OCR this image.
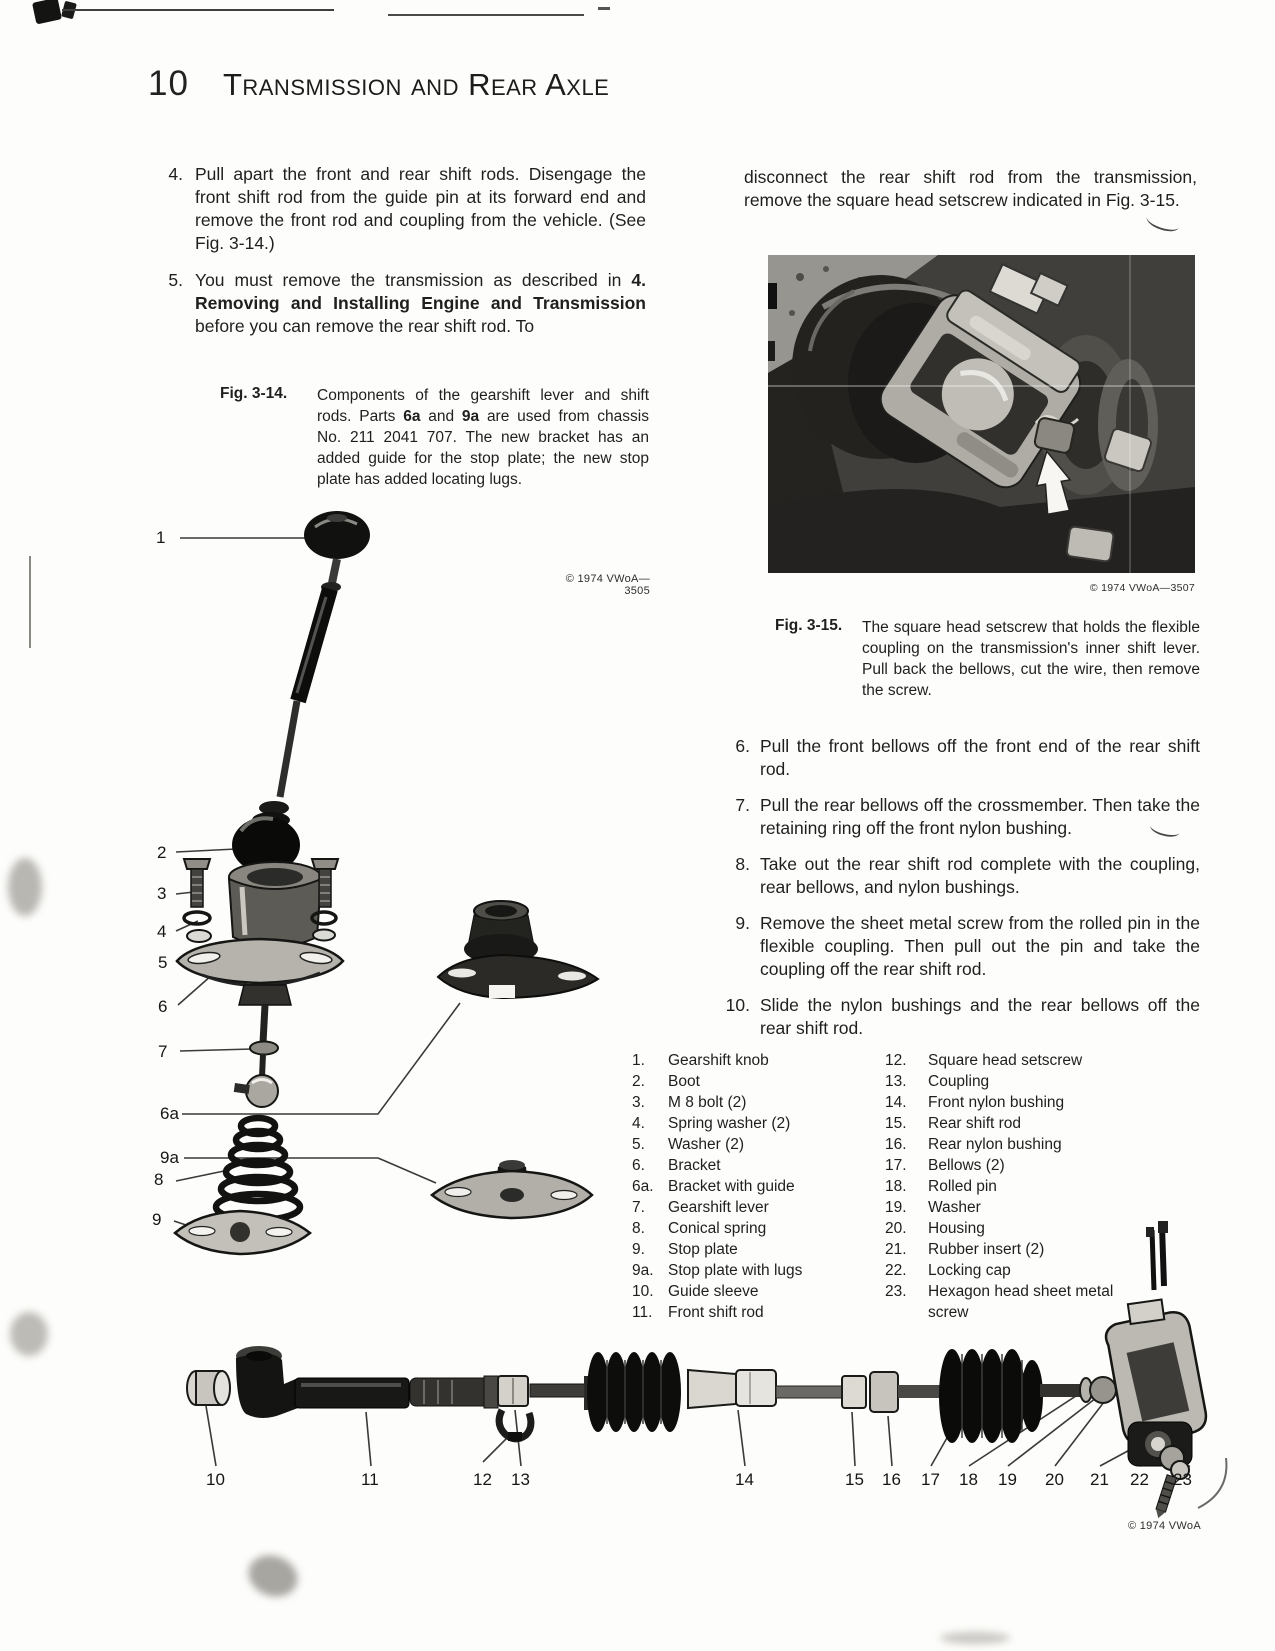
10 Transmission and Rear Axle
4. Pull apart the front and rear shift rods. Disengage the front shift rod from the guide pin at its forward end and remove the front rod and coupling from the vehicle. (See Fig. 3-14.)
5. You must remove the transmission as described in 4. Removing and Installing Engine and Transmission before you can remove the rear shift rod. To
disconnect the rear shift rod from the transmission, remove the square head setscrew indicated in Fig. 3-15.
Fig. 3-14. Components of the gearshift lever and shift rods. Parts 6a and 9a are used from chassis No. 211 2041 707. The new bracket has an added guide for the stop plate; the new stop plate has added locating lugs.
© 1974 VWoA—3505
1
2
3
4
5
6
7
6a
9a
8
9
© 1974 VWoA—3507
Fig. 3-15. The square head setscrew that holds the flexible coupling on the transmission's inner shift lever. Pull back the bellows, cut the wire, then remove the screw.
6. Pull the front bellows off the front end of the rear shift rod.
7. Pull the rear bellows off the crossmember. Then take the retaining ring off the front nylon bushing.
8. Take out the rear shift rod complete with the coupling, rear bellows, and nylon bushings.
9. Remove the sheet metal screw from the rolled pin in the flexible coupling. Then pull out the pin and take the coupling off the rear shift rod.
10. Slide the nylon bushings and the rear bellows off the rear shift rod.
1.	Gearshift knob
2.	Boot
3.	M 8 bolt (2)
4.	Spring washer (2)
5.	Washer (2)
6.	Bracket
6a. Bracket with guide
7.	Gearshift lever
8.	Conical spring
9.	Stop plate
9a. Stop plate with lugs
10. Guide sleeve
11.	Front shift rod
12.	Square head setscrew
13.	Coupling
14.	Front nylon bushing
15.	Rear shift rod
16.	Rear nylon bushing
17.	Bellows (2)
18.	Rolled pin
19.	Washer
20.	Housing
21.	Rubber insert (2)
22.	Locking cap
23.	Hexagon head sheet metal screw
10	11	12 13	14	15 16 17 18 19 20 21 22 23
© 1974 VWoA
